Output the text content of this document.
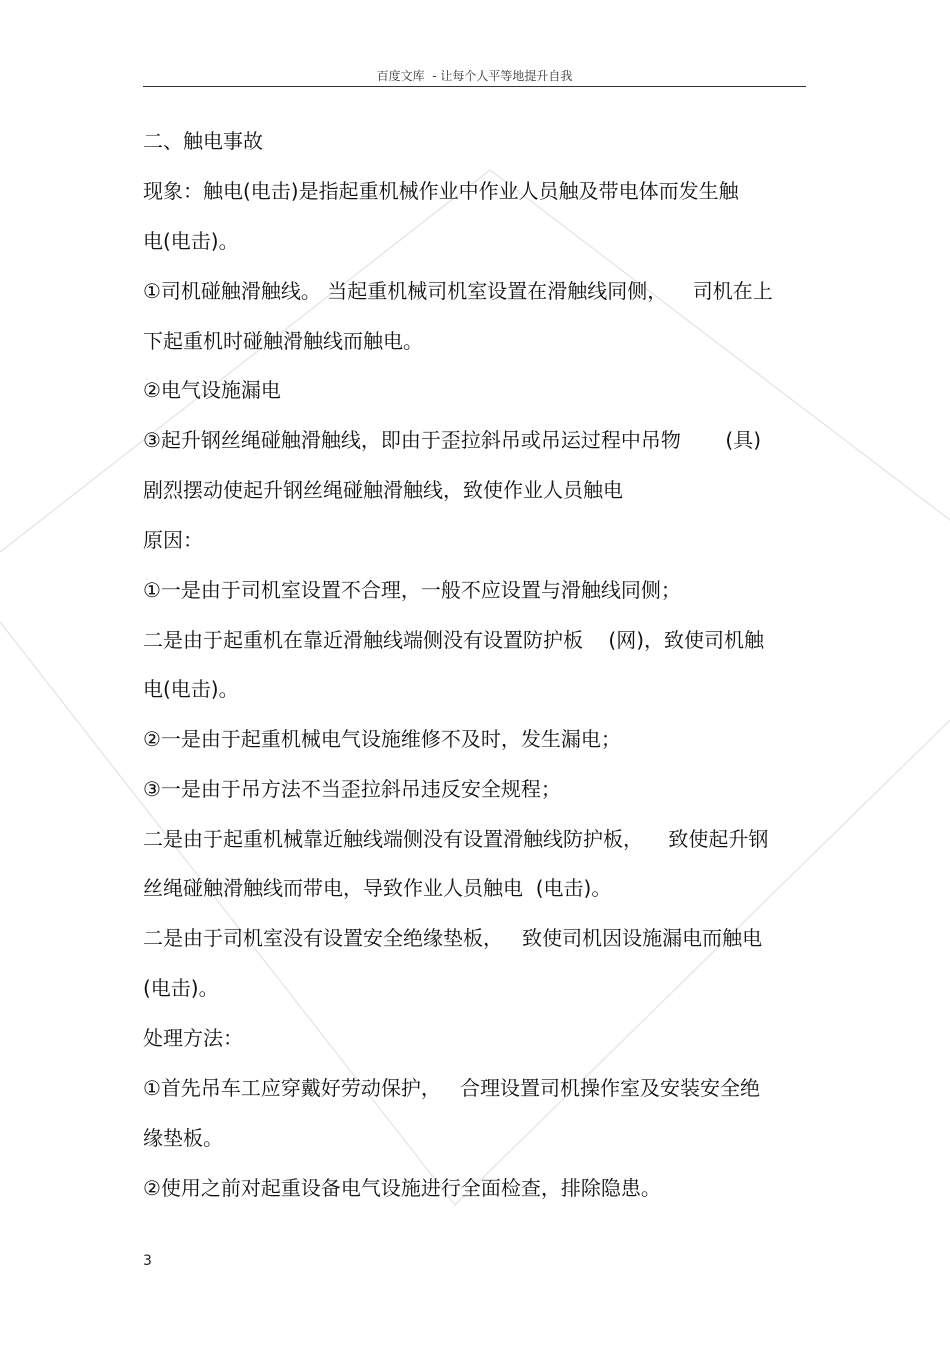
百度文库  - 让每个人平等地提升自我
二、触电事故
现象：触电(电击)是指起重机械作业中作业人员触及带电体而发生触
电(电击)。
①司机碰触滑触线。 当起重机械司机室设置在滑触线同侧，    司机在上
下起重机时碰触滑触线而触电。
②电气设施漏电
③起升钢丝绳碰触滑触线，即由于歪拉斜吊或吊运过程中吊物       (具)
剧烈摆动使起升钢丝绳碰触滑触线，致使作业人员触电
原因：
①一是由于司机室设置不合理，一般不应设置与滑触线同侧；
二是由于起重机在靠近滑触线端侧没有设置防护板    (网)，致使司机触
电(电击)。
②一是由于起重机械电气设施维修不及时，发生漏电；
③一是由于吊方法不当歪拉斜吊违反安全规程；
二是由于起重机械靠近触线端侧没有设置滑触线防护板，    致使起升钢
丝绳碰触滑触线而带电，导致作业人员触电  (电击)。
二是由于司机室没有设置安全绝缘垫板，   致使司机因设施漏电而触电
(电击)。
处理方法：
①首先吊车工应穿戴好劳动保护，   合理设置司机操作室及安装安全绝
缘垫板。
②使用之前对起重设备电气设施进行全面检查，排除隐患。
3
